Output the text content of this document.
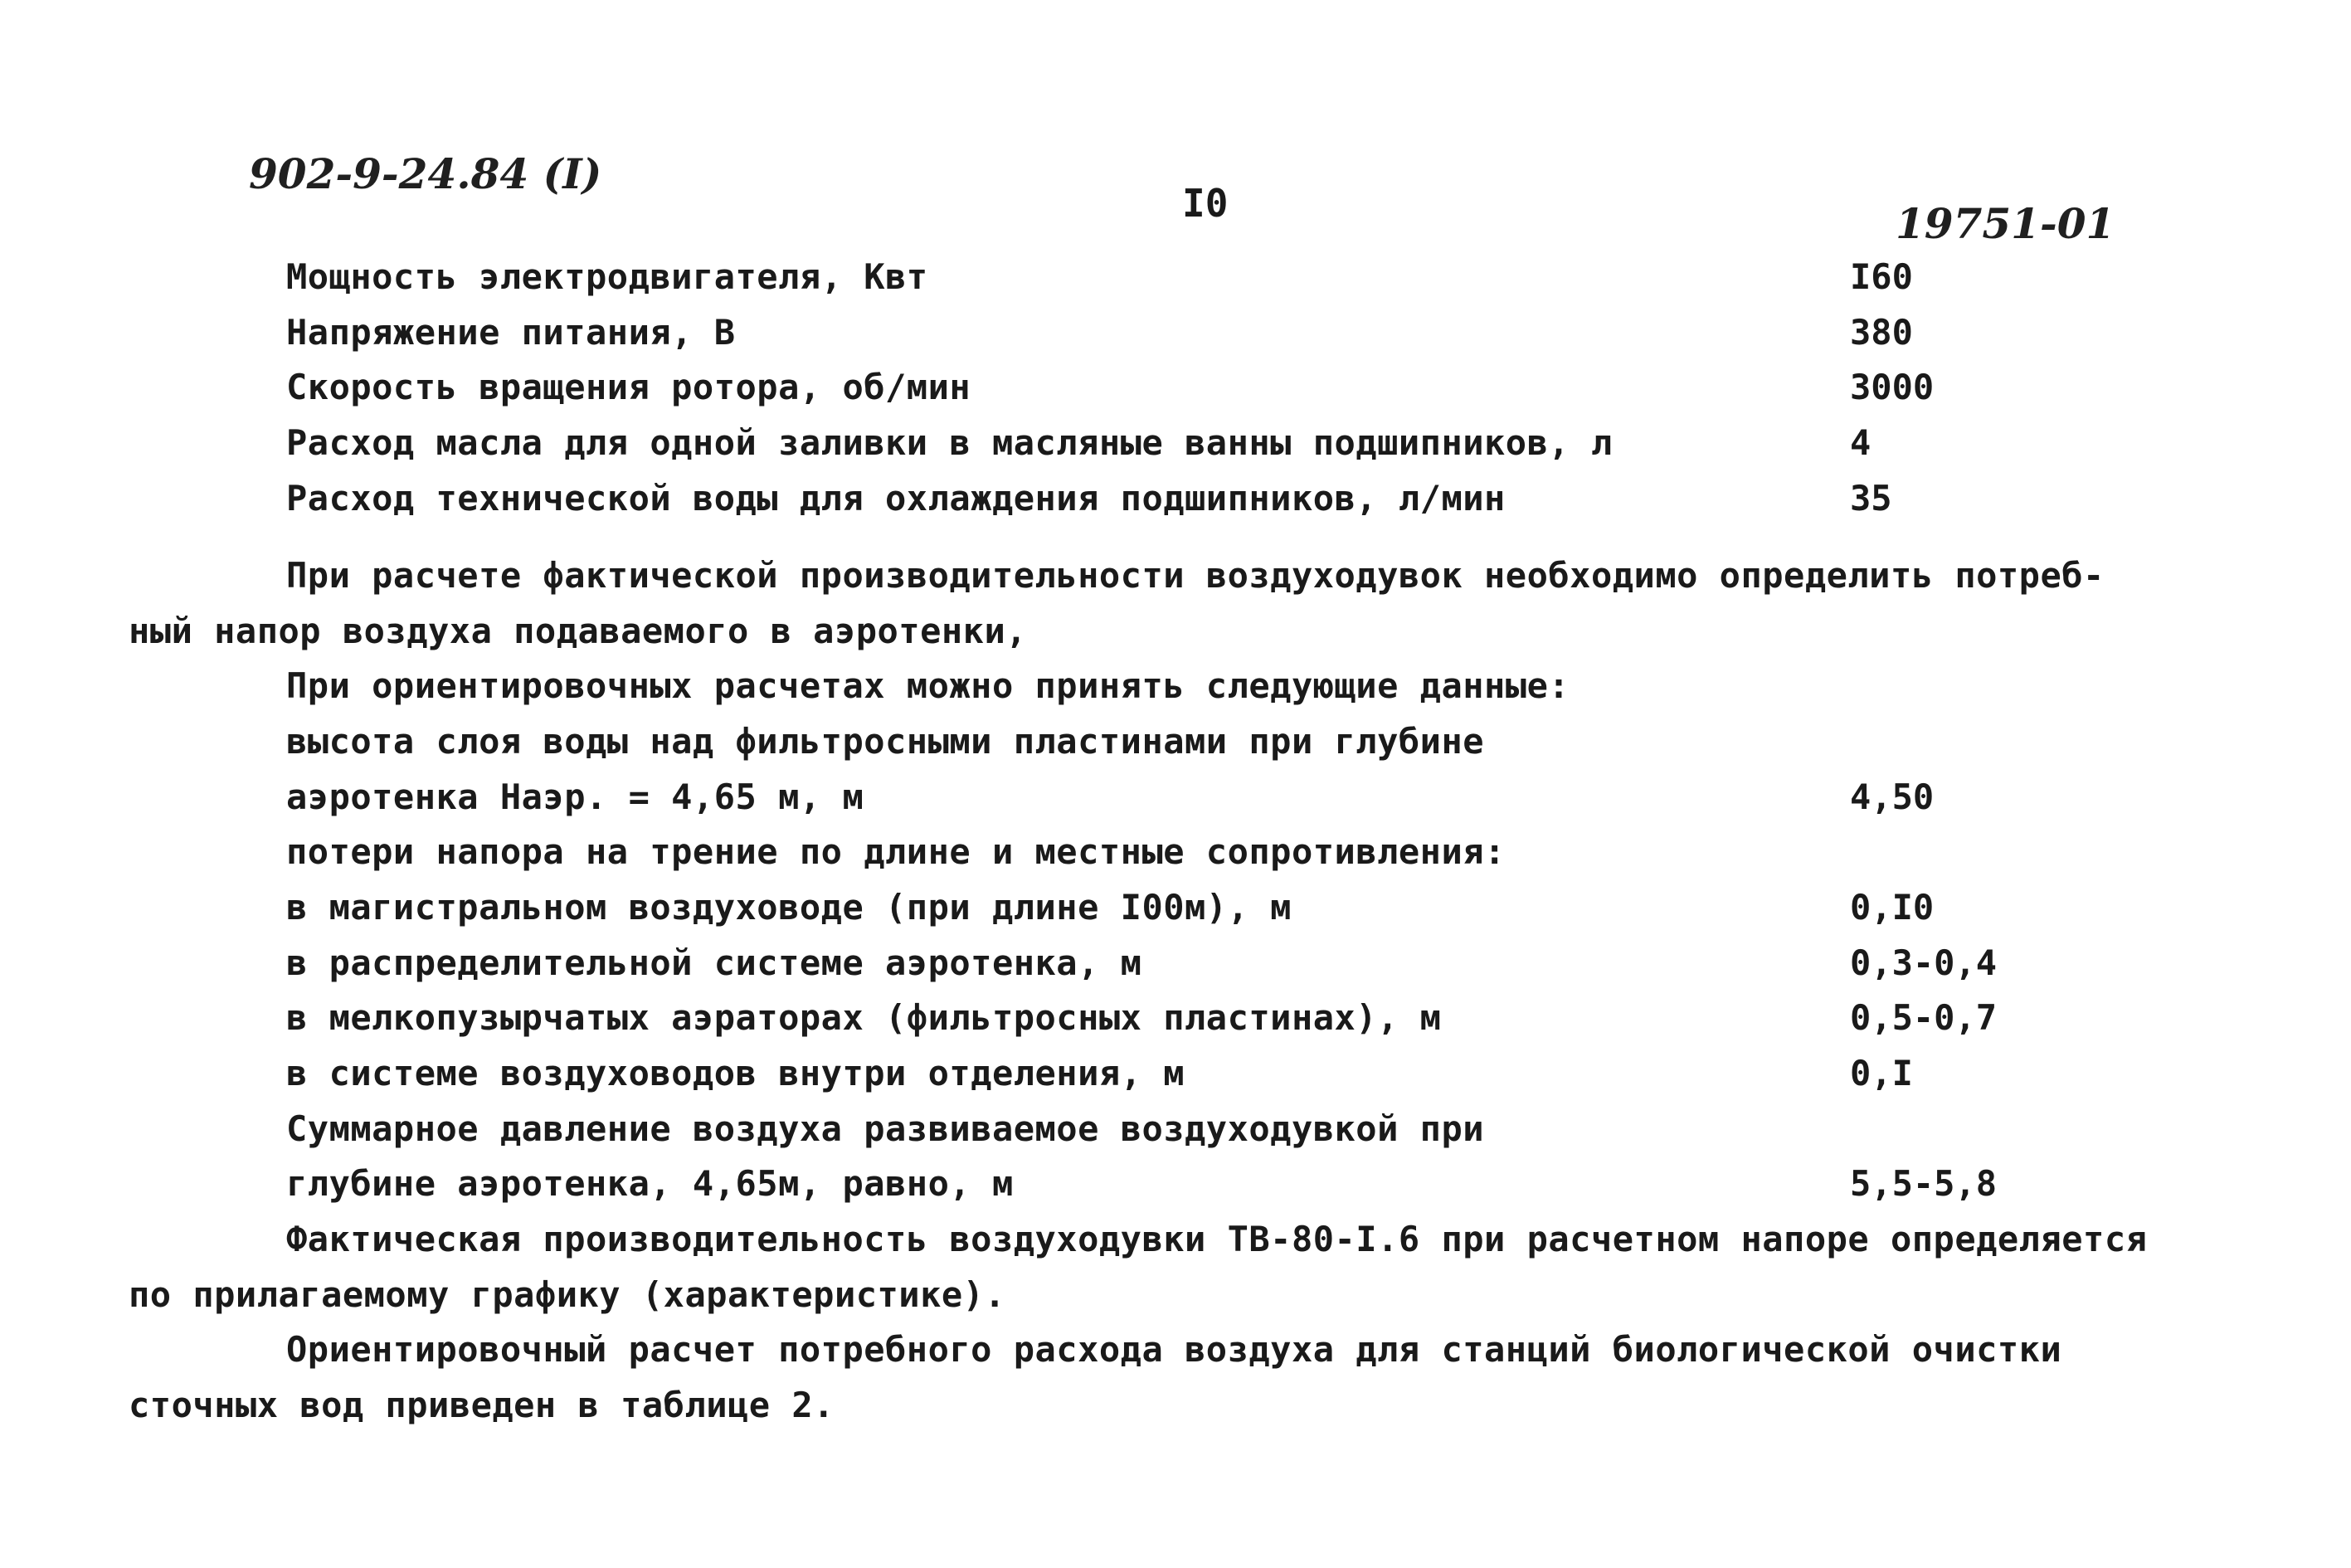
902-9-24.84 (I)
I0	19751-01
Мощность электродвигателя, Квт	I60
Напряжение питания, В	380
Скорость вращения ротора, об/мин	3000
Расход масла для одной заливки в масляные ванны подшипников, л	4
Расход технической воды для охлаждения подшипников, л/мин	35
При расчете фактической производительности воздуходувок необходимо определить потреб-
ный напор воздуха подаваемого в аэротенки,
При ориентировочных расчетах можно принять следующие данные:
высота слоя воды над фильтросными пластинами при глубине
аэротенка Наэр. = 4,65 м, м	4,50
потери напора на трение по длине и местные сопротивления:
в магистральном воздуховоде (при длине I00м), м	0,I0
в распределительной системе аэротенка, м	0,3-0,4
в мелкопузырчатых аэраторах (фильтросных пластинах), м	0,5-0,7
в системе воздуховодов внутри отделения, м	0,I
Суммарное давление воздуха развиваемое воздуходувкой при
глубине аэротенка, 4,65м, равно, м	5,5-5,8
Фактическая производительность воздуходувки ТВ-80-I.6 при расчетном напоре определяется
по прилагаемому графику (характеристике).
Ориентировочный расчет потребного расхода воздуха для станций биологической очистки
сточных вод приведен в таблице 2.
